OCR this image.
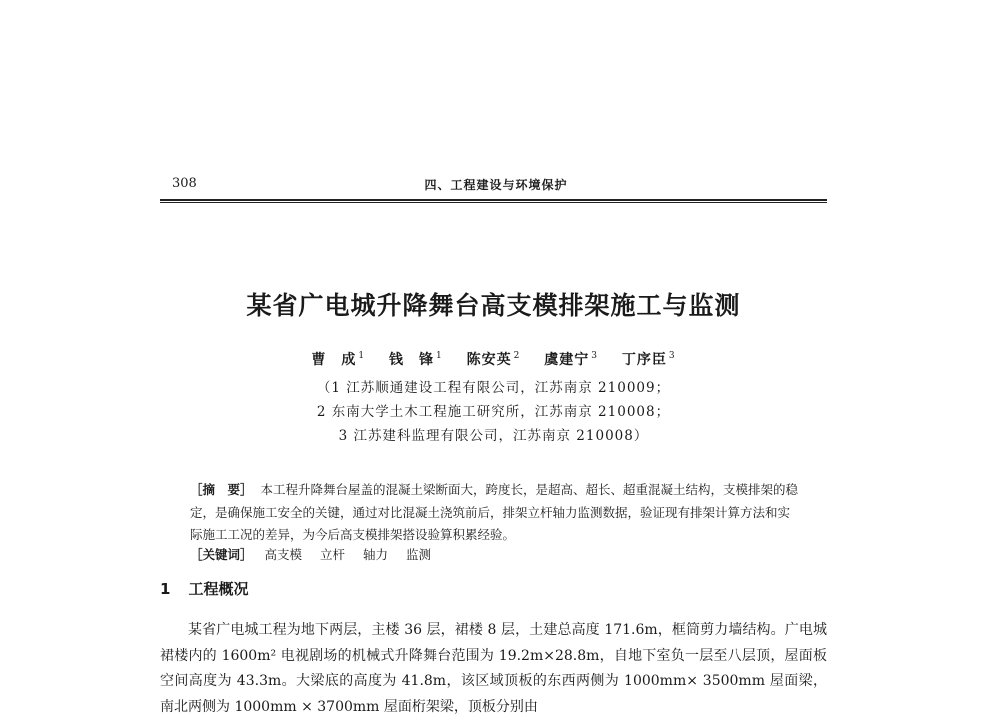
308	四、工程建设与环境保护
某省广电城升降舞台高支模排架施工与监测
曹　成 $^1$ 钱　锋 $^1$ 陈安英 $^2$ 虞建宁 $^3$ 丁序臣 $^3$
（1 江苏顺通建设工程有限公司，江苏南京 210009；
2 东南大学土木工程施工研究所，江苏南京 210008；
3 江苏建科监理有限公司，江苏南京 210008）
［摘　要］ 本工程升降舞台屋盖的混凝土梁断面大，跨度长，是超高、超长、超重混凝土结构，支模排架的稳定，是确保施工安全的关键，通过对比混凝土浇筑前后，排架立杆轴力监测数据，验证现有排架计算方法和实际施工工况的差异，为今后高支模排架搭设验算积累经验。
［关键词］ 高支模 立杆 轴力 监测
1 工程概况
某省广电城工程为地下两层，主楼 36 层，裙楼 8 层，土建总高度 171.6m，框筒剪力墙结构。广电城裙楼内的 1600m² 电视剧场的机械式升降舞台范围为 19.2m×28.8m，自地下室负一层至八层顶，屋面板空间高度为 43.3m。大梁底的高度为 41.8m，该区域顶板的东西两侧为 1000mm× 3500mm 屋面梁，南北两侧为 1000mm × 3700mm 屋面桁架梁，顶板分别由
